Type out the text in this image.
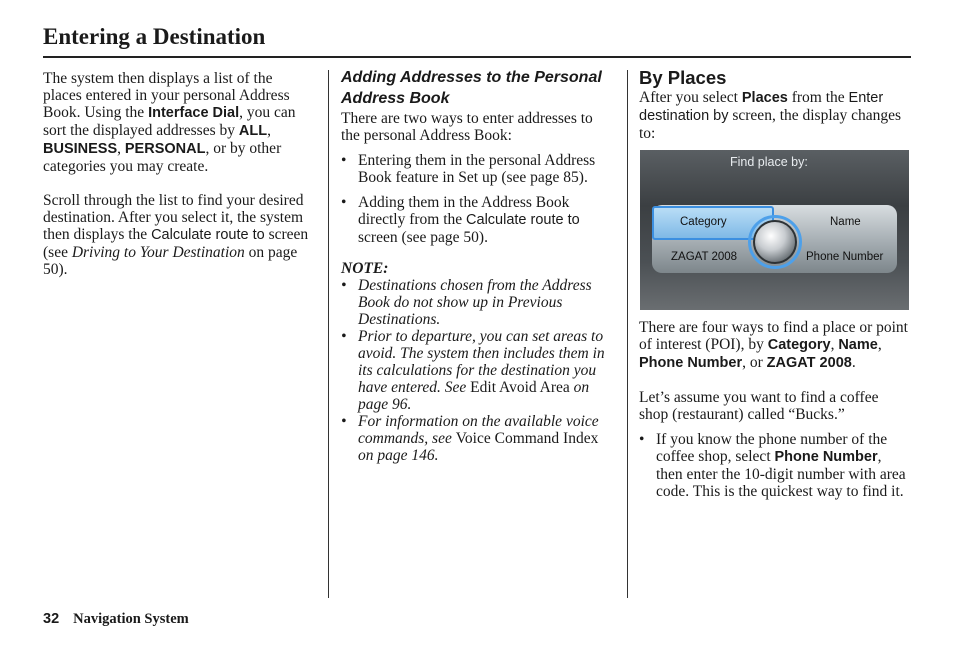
Entering a Destination

The system then displays a list of the places entered in your personal Address Book. Using the Interface Dial, you can sort the displayed addresses by ALL, BUSINESS, PERSONAL, or by other categories you may create.

Scroll through the list to find your desired destination. After you select it, the system then displays the Calculate route to screen (see Driving to Your Destination on page 50).

Adding Addresses to the Personal Address Book

There are two ways to enter addresses to the personal Address Book:

• Entering them in the personal Address Book feature in Set up (see page 85).
• Adding them in the Address Book directly from the Calculate route to screen (see page 50).

NOTE:

• Destinations chosen from the Address Book do not show up in Previous Destinations.
• Prior to departure, you can set areas to avoid. The system then includes them in its calculations for the destination you have entered. See Edit Avoid Area on page 96.
• For information on the available voice commands, see Voice Command Index on page 146.
By Places

After you select Places from the Enter destination by screen, the display changes to:

Find place by:
Category	Name
ZAGAT 2008	Phone Number

There are four ways to find a place or point of interest (POI), by Category, Name, Phone Number, or ZAGAT 2008.

Let’s assume you want to find a coffee shop (restaurant) called “Bucks.”

• If you know the phone number of the coffee shop, select Phone Number, then enter the 10-digit number with area code. This is the quickest way to find it.
32 Navigation System
